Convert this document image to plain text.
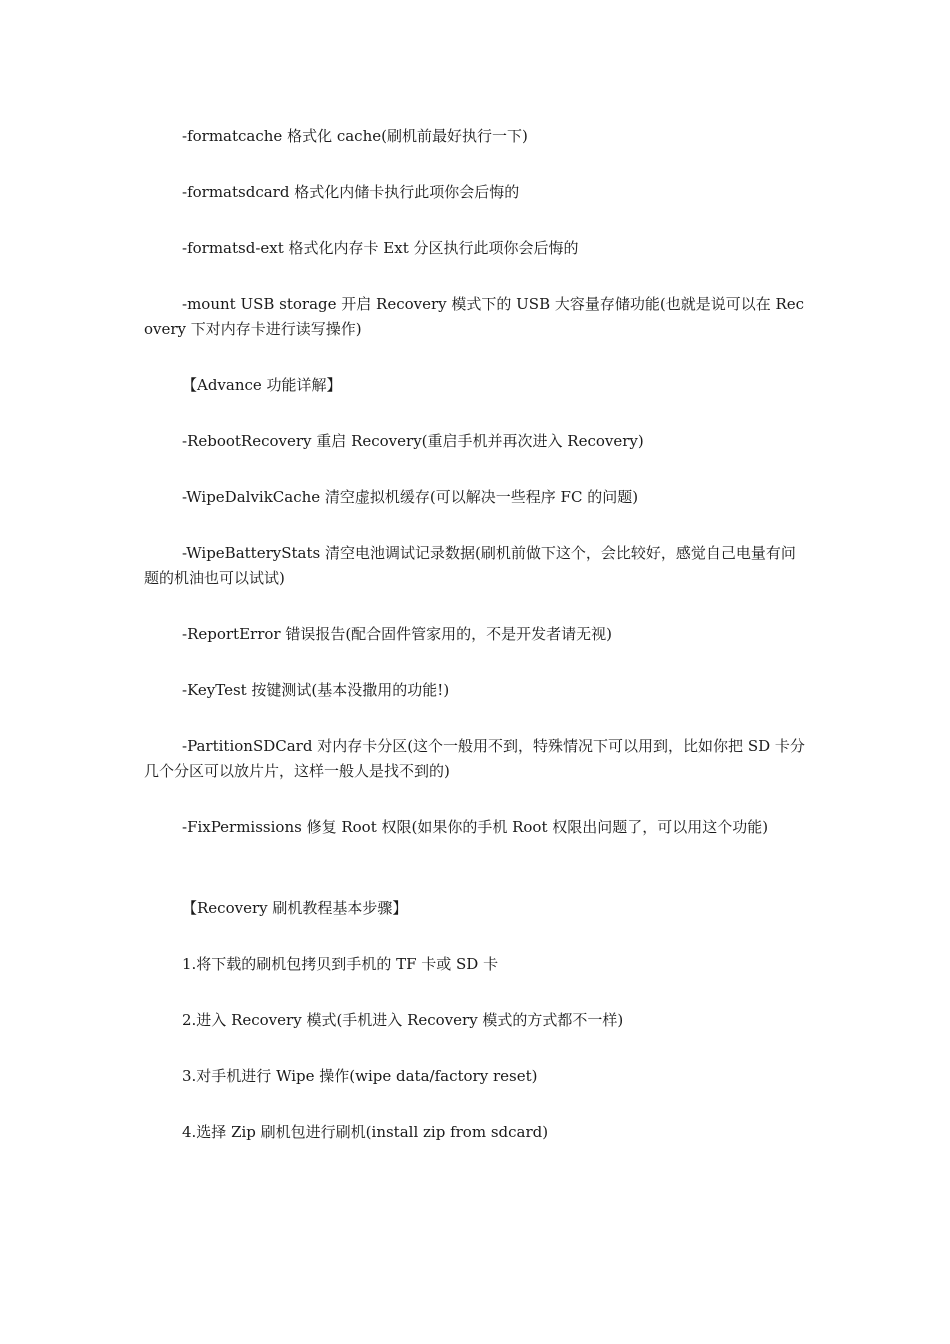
-formatcache 格式化 cache(刷机前最好执行一下)

-formatsdcard 格式化内储卡执行此项你会后悔的

-formatsd-ext 格式化内存卡 Ext 分区执行此项你会后悔的

-mount USB storage 开启 Recovery 模式下的 USB 大容量存储功能(也就是说可以在 Recovery 下对内存卡进行读写操作)

【Advance 功能详解】

-RebootRecovery 重启 Recovery(重启手机并再次进入 Recovery)

-WipeDalvikCache 清空虚拟机缓存(可以解决一些程序 FC 的问题)

-WipeBatteryStats 清空电池调试记录数据(刷机前做下这个，会比较好，感觉自己电量有问题的机油也可以试试)

-ReportError 错误报告(配合固件管家用的，不是开发者请无视)

-KeyTest 按键测试(基本没撒用的功能!)

-PartitionSDCard 对内存卡分区(这个一般用不到，特殊情况下可以用到，比如你把 SD 卡分几个分区可以放片片，这样一般人是找不到的)

-FixPermissions 修复 Root 权限(如果你的手机 Root 权限出问题了，可以用这个功能)

【Recovery 刷机教程基本步骤】

1.将下载的刷机包拷贝到手机的 TF 卡或 SD 卡

2.进入 Recovery 模式(手机进入 Recovery 模式的方式都不一样)

3.对手机进行 Wipe 操作(wipe data/factory reset)

4.选择 Zip 刷机包进行刷机(install zip from sdcard)
